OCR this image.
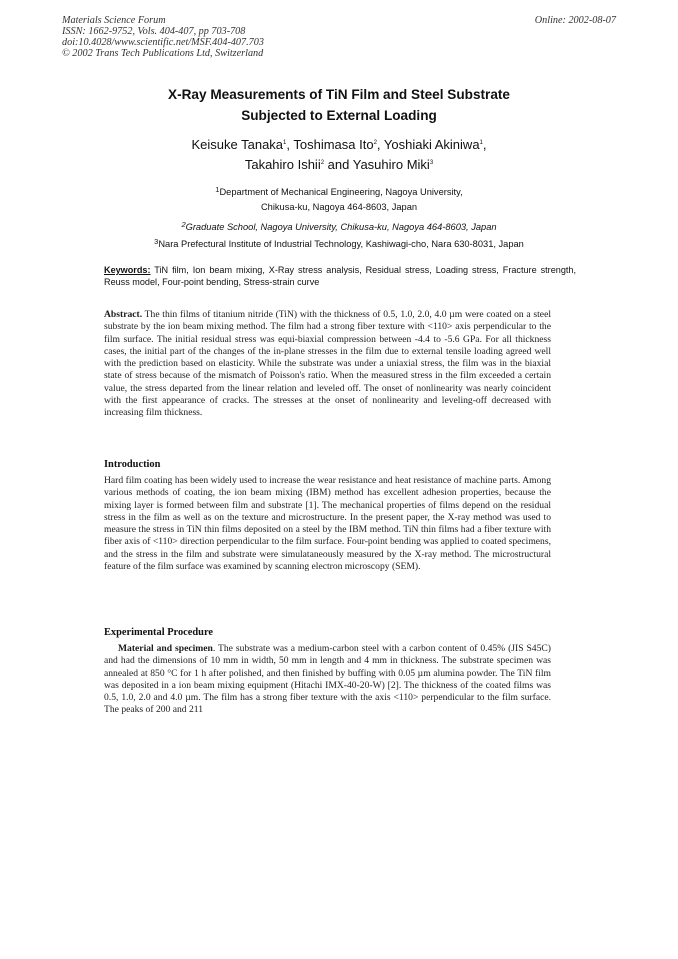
Materials Science Forum
ISSN: 1662-9752, Vols. 404-407, pp 703-708
doi:10.4028/www.scientific.net/MSF.404-407.703
© 2002 Trans Tech Publications Ltd, Switzerland
Online: 2002-08-07
X-Ray Measurements of TiN Film and Steel Substrate
Subjected to External Loading
Keisuke Tanaka$^1$, Toshimasa Ito$^2$, Yoshiaki Akiniwa$^1$,
Takahiro Ishii$^2$ and Yasuhiro Miki$^3$
$^1$Department of Mechanical Engineering, Nagoya University,
Chikusa-ku, Nagoya 464-8603, Japan
$^2$Graduate School, Nagoya University, Chikusa-ku, Nagoya 464-8603, Japan
$^3$Nara Prefectural Institute of Industrial Technology, Kashiwagi-cho, Nara 630-8031, Japan
Keywords: TiN film, Ion beam mixing, X-Ray stress analysis, Residual stress, Loading stress, Fracture strength, Reuss model, Four-point bending, Stress-strain curve
Abstract. The thin films of titanium nitride (TiN) with the thickness of 0.5, 1.0, 2.0, 4.0 µm were coated on a steel substrate by the ion beam mixing method. The film had a strong fiber texture with <110> axis perpendicular to the film surface. The initial residual stress was equi-biaxial compression between -4.4 to -5.6 GPa. For all thickness cases, the initial part of the changes of the in-plane stresses in the film due to external tensile loading agreed well with the prediction based on elasticity. While the substrate was under a uniaxial stress, the film was in the biaxial state of stress because of the mismatch of Poisson's ratio. When the measured stress in the film exceeded a certain value, the stress departed from the linear relation and leveled off. The onset of nonlinearity was nearly coincident with the first appearance of cracks. The stresses at the onset of nonlinearity and leveling-off decreased with increasing film thickness.
Introduction
Hard film coating has been widely used to increase the wear resistance and heat resistance of machine parts. Among various methods of coating, the ion beam mixing (IBM) method has excellent adhesion properties, because the mixing layer is formed between film and substrate [1]. The mechanical properties of films depend on the residual stress in the film as well as on the texture and microstructure. In the present paper, the X-ray method was used to measure the stress in TiN thin films deposited on a steel by the IBM method. TiN thin films had a fiber texture with fiber axis of <110> direction perpendicular to the film surface. Four-point bending was applied to coated specimens, and the stress in the film and substrate were simulataneously measured by the X-ray method. The microstructural feature of the film surface was examined by scanning electron microscopy (SEM).
Experimental Procedure
Material and specimen. The substrate was a medium-carbon steel with a carbon content of 0.45% (JIS S45C) and had the dimensions of 10 mm in width, 50 mm in length and 4 mm in thickness. The substrate specimen was annealed at 850 °C for 1 h after polished, and then finished by buffing with 0.05 µm alumina powder. The TiN film was deposited in a ion beam mixing equipment (Hitachi IMX-40-20-W) [2]. The thickness of the coated films was 0.5, 1.0, 2.0 and 4.0 µm. The film has a strong fiber texture with the axis <110> perpendicular to the film surface. The peaks of 200 and 211
